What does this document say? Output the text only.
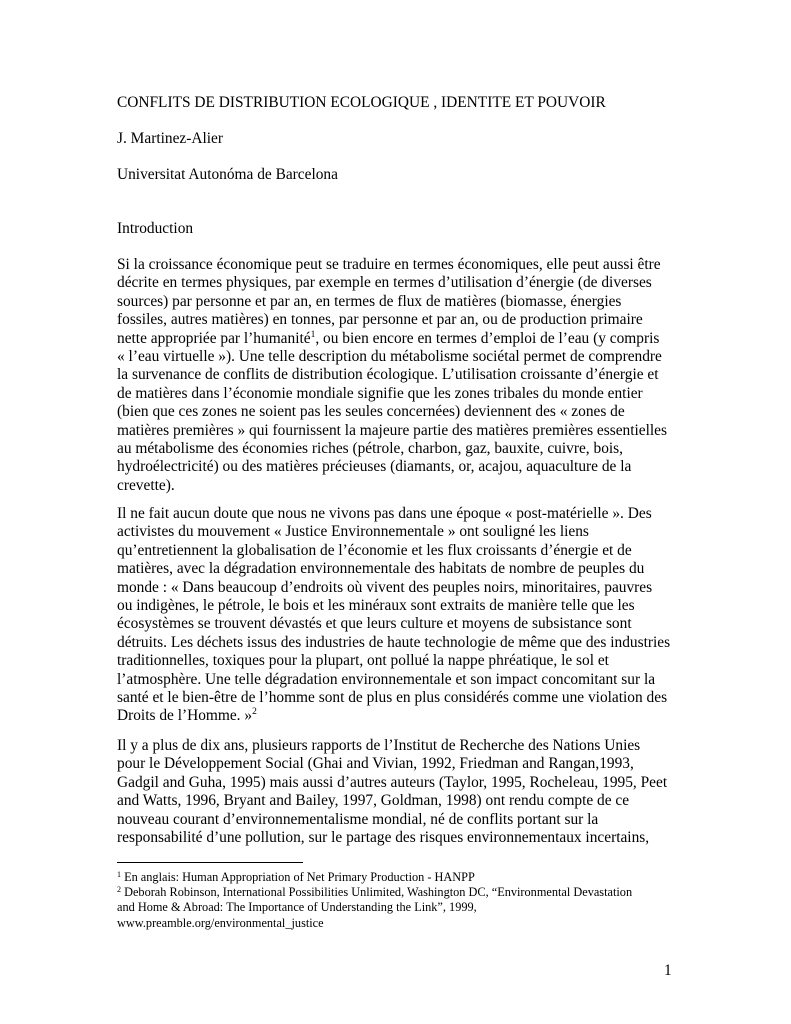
CONFLITS DE DISTRIBUTION ECOLOGIQUE , IDENTITE ET POUVOIR

J. Martinez-Alier

Universitat Autonóma de Barcelona

Introduction

Si la croissance économique peut se traduire en termes économiques, elle peut aussi être
décrite en termes physiques, par exemple en termes d’utilisation d’énergie (de diverses
sources) par personne et par an, en termes de flux de matières (biomasse, énergies
fossiles, autres matières) en tonnes, par personne et par an, ou de production primaire
nette appropriée par l’humanité$^1$, ou bien encore en termes d’emploi de l’eau (y compris
« l’eau virtuelle »). Une telle description du métabolisme sociétal permet de comprendre
la survenance de conflits de distribution écologique. L’utilisation croissante d’énergie et
de matières dans l’économie mondiale signifie que les zones tribales du monde entier
(bien que ces zones ne soient pas les seules concernées) deviennent des « zones de
matières premières » qui fournissent la majeure partie des matières premières essentielles
au métabolisme des économies riches (pétrole, charbon, gaz, bauxite, cuivre, bois,
hydroélectricité) ou des matières précieuses (diamants, or, acajou, aquaculture de la
crevette).
Il ne fait aucun doute que nous ne vivons pas dans une époque « post-matérielle ». Des
activistes du mouvement « Justice Environnementale » ont souligné les liens
qu’entretiennent la globalisation de l’économie et les flux croissants d’énergie et de
matières, avec la dégradation environnementale des habitats de nombre de peuples du
monde : « Dans beaucoup d’endroits où vivent des peuples noirs, minoritaires, pauvres
ou indigènes, le pétrole, le bois et les minéraux sont extraits de manière telle que les
écosystèmes se trouvent dévastés et que leurs culture et moyens de subsistance sont
détruits. Les déchets issus des industries de haute technologie de même que des industries
traditionnelles, toxiques pour la plupart, ont pollué la nappe phréatique, le sol et
l’atmosphère. Une telle dégradation environnementale et son impact concomitant sur la
santé et le bien-être de l’homme sont de plus en plus considérés comme une violation des
Droits de l’Homme. »$^2$
Il y a plus de dix ans, plusieurs rapports de l’Institut de Recherche des Nations Unies
pour le Développement Social (Ghai and Vivian, 1992, Friedman and Rangan,1993,
Gadgil and Guha, 1995) mais aussi d’autres auteurs (Taylor, 1995, Rocheleau, 1995, Peet
and Watts, 1996, Bryant and Bailey, 1997, Goldman, 1998) ont rendu compte de ce
nouveau courant d’environnementalisme mondial, né de conflits portant sur la
responsabilité d’une pollution, sur le partage des risques environnementaux incertains,
$^1$ En anglais: Human Appropriation of Net Primary Production - HANPP
$^2$ Deborah Robinson, International Possibilities Unlimited, Washington DC, “Environmental Devastation
and Home & Abroad: The Importance of Understanding the Link”, 1999,
www.preamble.org/environmental_justice
1
